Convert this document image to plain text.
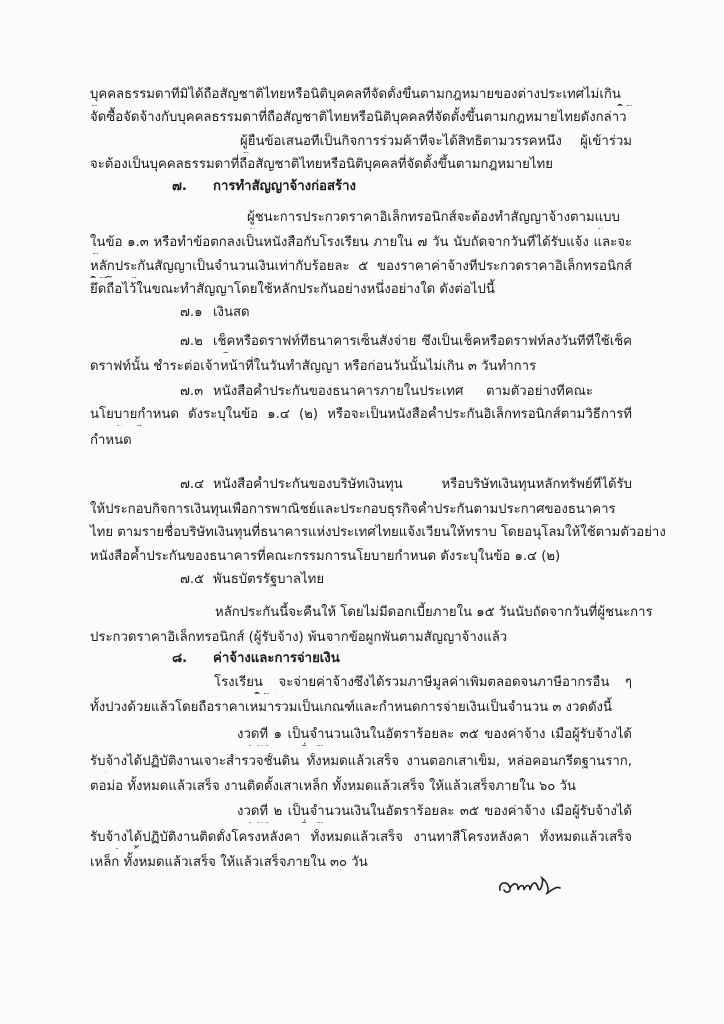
บุคคลธรรมดาที่มิได้ถือสัญชาติไทยหรือนิติบุคคลที่จัดตั้งขึ้นตามกฎหมายของต่างประเทศไม่เกิน
จัดซื้อจัดจ้างกับบุคคลธรรมดาที่ถือสัญชาติไทยหรือนิติบุคคลที่จัดตั้งขึ้นตามกฎหมายไทยดังกล่าว
ผู้ยื่นข้อเสนอที่เป็นกิจการร่วมค้าที่จะได้สิทธิตามวรรคหนึ่ง ผู้เข้าร่วม
จะต้องเป็นบุคคลธรรมดาที่ถือสัญชาติไทยหรือนิติบุคคลที่จัดตั้งขึ้นตามกฎหมายไทย
๗. การทำสัญญาจ้างก่อสร้าง
ผู้ชนะการประกวดราคาอิเล็กทรอนิกส์จะต้องทำสัญญาจ้างตามแบบ
ในข้อ ๑.๓ หรือทำข้อตกลงเป็นหนังสือกับโรงเรียน ภายใน ๗ วัน นับถัดจากวันที่ได้รับแจ้ง และจะ
หลักประกันสัญญาเป็นจำนวนเงินเท่ากับร้อยละ ๕ ของราคาค่าจ้างที่ประกวดราคาอิเล็กทรอนิกส์
ยึดถือไว้ในขณะทำสัญญาโดยใช้หลักประกันอย่างหนึ่งอย่างใด ดังต่อไปนี้
๗.๑ เงินสด
๗.๒ เช็คหรือดราฟท์ที่ธนาคารเซ็นสั่งจ่าย ซึ่งเป็นเช็คหรือดราฟท์ลงวันที่ที่ใช้เช็ค
ดราฟท์นั้น ชำระต่อเจ้าหน้าที่ในวันทำสัญญา หรือก่อนวันนั้นไม่เกิน ๓ วันทำการ
๗.๓ หนังสือค้ำประกันของธนาคารภายในประเทศ ตามตัวอย่างที่คณะ
นโยบายกำหนด ดังระบุในข้อ ๑.๔ (๒) หรือจะเป็นหนังสือค้ำประกันอิเล็กทรอนิกส์ตามวิธีการที่
กำหนด
๗.๔ หนังสือค้ำประกันของบริษัทเงินทุน หรือบริษัทเงินทุนหลักทรัพย์ที่ได้รับ
ให้ประกอบกิจการเงินทุนเพื่อการพาณิชย์และประกอบธุรกิจค้ำประกันตามประกาศของธนาคาร
ไทย ตามรายชื่อบริษัทเงินทุนที่ธนาคารแห่งประเทศไทยแจ้งเวียนให้ทราบ โดยอนุโลมให้ใช้ตามตัวอย่าง
หนังสือค้ำประกันของธนาคารที่คณะกรรมการนโยบายกำหนด ดังระบุในข้อ ๑.๔ (๒)
๗.๕ พันธบัตรรัฐบาลไทย
หลักประกันนี้จะคืนให้ โดยไม่มีดอกเบี้ยภายใน ๑๕ วันนับถัดจากวันที่ผู้ชนะการ
ประกวดราคาอิเล็กทรอนิกส์ (ผู้รับจ้าง) พ้นจากข้อผูกพันตามสัญญาจ้างแล้ว
๘. ค่าจ้างและการจ่ายเงิน
โรงเรียน จะจ่ายค่าจ้างซึ่งได้รวมภาษีมูลค่าเพิ่มตลอดจนภาษีอากรอื่น ๆ
ทั้งปวงด้วยแล้วโดยถือราคาเหมารวมเป็นเกณฑ์และกำหนดการจ่ายเงินเป็นจำนวน ๓ งวดดังนี้
งวดที่ ๑ เป็นจำนวนเงินในอัตราร้อยละ ๓๕ ของค่าจ้าง เมื่อผู้รับจ้างได้
รับจ้างได้ปฏิบัติงานเจาะสำรวจชั้นดิน ทั้งหมดแล้วเสร็จ งานตอกเสาเข็ม, หล่อคอนกรีตฐานราก,
ตอม่อ ทั้งหมดแล้วเสร็จ งานติดตั้งเสาเหล็ก ทั้งหมดแล้วเสร็จ ให้แล้วเสร็จภายใน ๖๐ วัน
งวดที่ ๒ เป็นจำนวนเงินในอัตราร้อยละ ๓๕ ของค่าจ้าง เมื่อผู้รับจ้างได้
รับจ้างได้ปฏิบัติงานติดตั้งโครงหลังคา ทั้งหมดแล้วเสร็จ งานทาสีโครงหลังคา ทั้งหมดแล้วเสร็จ
เหล็ก ทั้งหมดแล้วเสร็จ ให้แล้วเสร็จภายใน ๓๐ วัน
